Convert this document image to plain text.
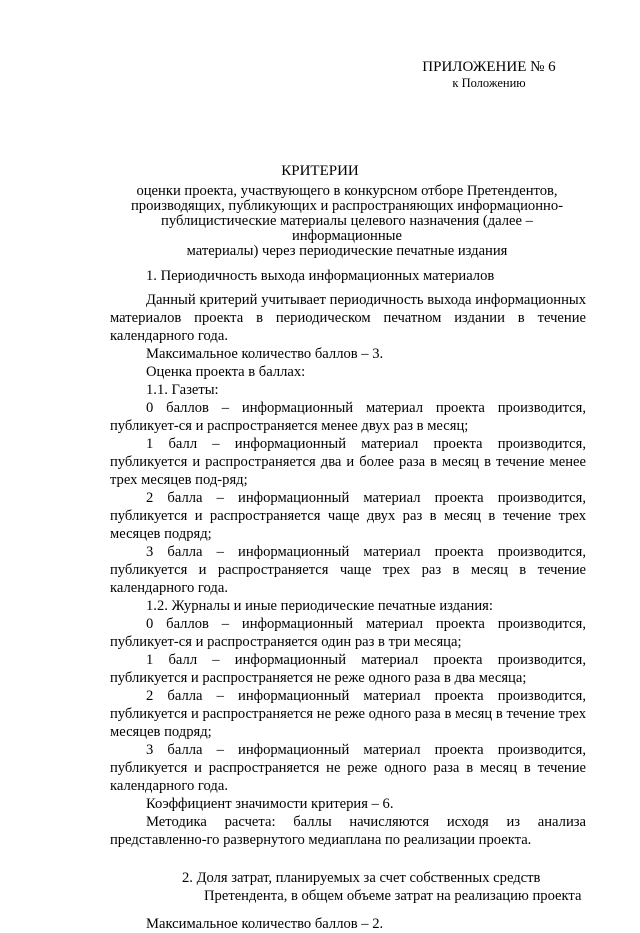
ПРИЛОЖЕНИЕ № 6
к Положению
КРИТЕРИИ
оценки проекта, участвующего в конкурсном отборе Претендентов,
производящих, публикующих и распространяющих информационно-
публицистические материалы целевого назначения (далее – информационные
материалы) через периодические печатные издания

1. Периодичность выхода информационных материалов

Данный критерий учитывает периодичность выхода информационных материалов проекта в периодическом печатном издании в течение календарного года.

Максимальное количество баллов – 3.

Оценка проекта в баллах:

1.1. Газеты:

0 баллов – информационный материал проекта производится, публикует-ся и распространяется менее двух раз в месяц;

1 балл – информационный материал проекта производится, публикуется и распространяется два и более раза в месяц в течение менее трех месяцев под-ряд;

2 балла – информационный материал проекта производится, публикуется и распространяется чаще двух раз в месяц в течение трех месяцев подряд;

3 балла – информационный материал проекта производится, публикуется и распространяется чаще трех раз в месяц в течение календарного года.

1.2. Журналы и иные периодические печатные издания:

0 баллов – информационный материал проекта производится, публикует-ся и распространяется один раз в три месяца;

1 балл – информационный материал проекта производится, публикуется и распространяется не реже одного раза в два месяца;

2 балла – информационный материал проекта производится, публикуется и распространяется не реже одного раза в месяц в течение трех месяцев подряд;

3 балла – информационный материал проекта производится, публикуется и распространяется не реже одного раза в месяц в течение календарного года.

Коэффициент значимости критерия – 6.

Методика расчета: баллы начисляются исходя из анализа представленно-го развернутого медиаплана по реализации проекта.

2. Доля затрат, планируемых за счет собственных средств Претендента, в общем объеме затрат на реализацию проекта

Максимальное количество баллов – 2.
